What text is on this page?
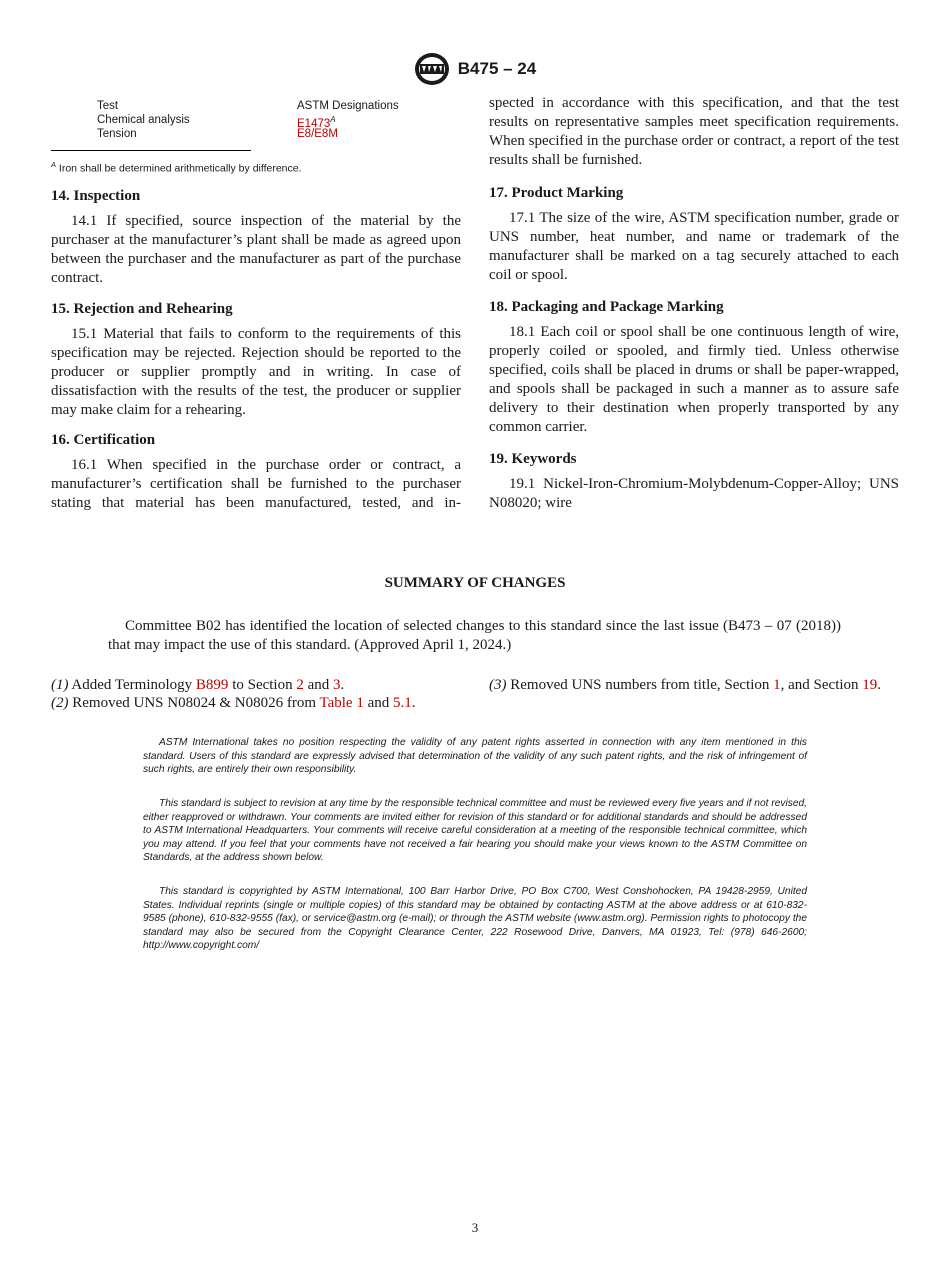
B475 – 24
Test	ASTM Designations
Chemical analysis	$E1473^A$
Tension	E8/E8M
$^A$ Iron shall be determined arithmetically by difference.
14. Inspection
14.1 If specified, source inspection of the material by the purchaser at the manufacturer’s plant shall be made as agreed upon between the purchaser and the manufacturer as part of the purchase contract.
15. Rejection and Rehearing
15.1 Material that fails to conform to the requirements of this specification may be rejected. Rejection should be reported to the producer or supplier promptly and in writing. In case of dissatisfaction with the results of the test, the producer or supplier may make claim for a rehearing.
16. Certification
16.1 When specified in the purchase order or contract, a manufacturer’s certification shall be furnished to the purchaser stating that material has been manufactured, tested, and in-
spected in accordance with this specification, and that the test results on representative samples meet specification requirements. When specified in the purchase order or contract, a report of the test results shall be furnished.
17. Product Marking
17.1 The size of the wire, ASTM specification number, grade or UNS number, heat number, and name or trademark of the manufacturer shall be marked on a tag securely attached to each coil or spool.
18. Packaging and Package Marking
18.1 Each coil or spool shall be one continuous length of wire, properly coiled or spooled, and firmly tied. Unless otherwise specified, coils shall be placed in drums or shall be paper-wrapped, and spools shall be packaged in such a manner as to assure safe delivery to their destination when properly transported by any common carrier.
19. Keywords
19.1 Nickel-Iron-Chromium-Molybdenum-Copper-Alloy; UNS N08020; wire
SUMMARY OF CHANGES
Committee B02 has identified the location of selected changes to this standard since the last issue (B473 – 07 (2018)) that may impact the use of this standard. (Approved April 1, 2024.)
(1) Added Terminology B899 to Section 2 and 3.
(2) Removed UNS N08024 & N08026 from Table 1 and 5.1.
(3) Removed UNS numbers from title, Section 1, and Section 19.
ASTM International takes no position respecting the validity of any patent rights asserted in connection with any item mentioned in this standard. Users of this standard are expressly advised that determination of the validity of any such patent rights, and the risk of infringement of such rights, are entirely their own responsibility.
This standard is subject to revision at any time by the responsible technical committee and must be reviewed every five years and if not revised, either reapproved or withdrawn. Your comments are invited either for revision of this standard or for additional standards and should be addressed to ASTM International Headquarters. Your comments will receive careful consideration at a meeting of the responsible technical committee, which you may attend. If you feel that your comments have not received a fair hearing you should make your views known to the ASTM Committee on Standards, at the address shown below.
This standard is copyrighted by ASTM International, 100 Barr Harbor Drive, PO Box C700, West Conshohocken, PA 19428-2959, United States. Individual reprints (single or multiple copies) of this standard may be obtained by contacting ASTM at the above address or at 610-832-9585 (phone), 610-832-9555 (fax), or service@astm.org (e-mail); or through the ASTM website (www.astm.org). Permission rights to photocopy the standard may also be secured from the Copyright Clearance Center, 222 Rosewood Drive, Danvers, MA 01923, Tel: (978) 646-2600; http://www.copyright.com/
3
